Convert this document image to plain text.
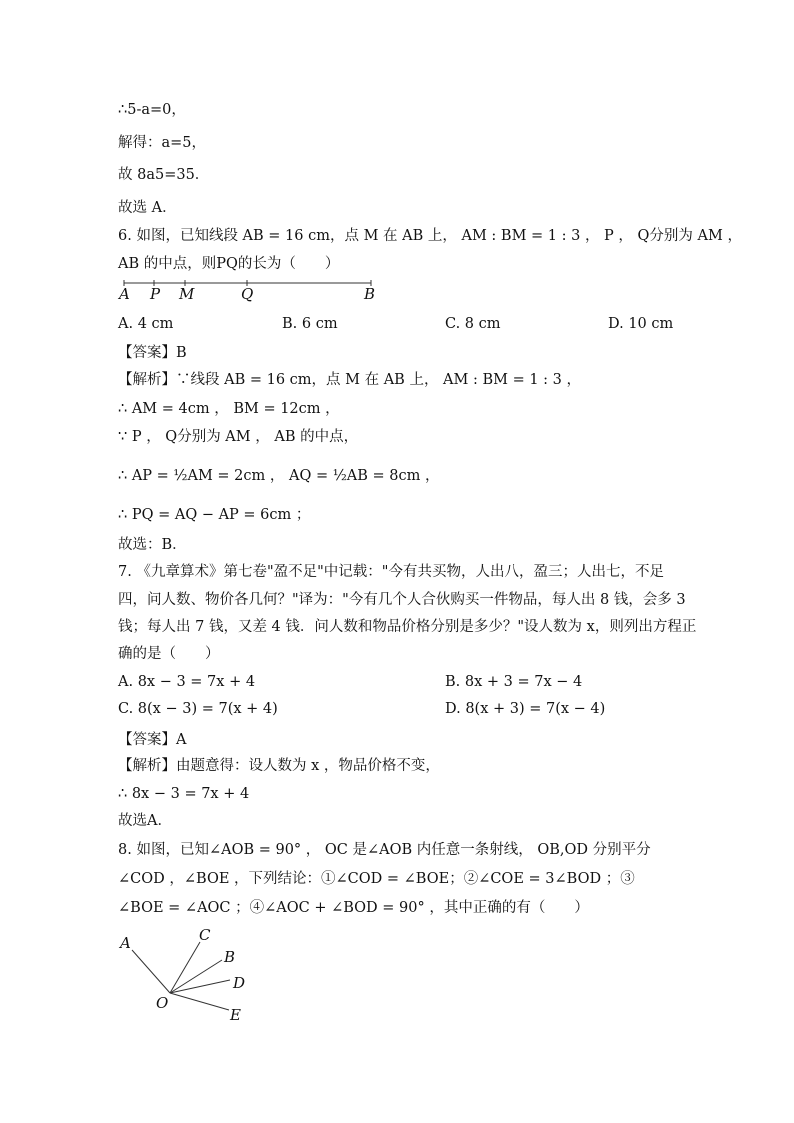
∴5-a=0，
解得：a=5，
故 8a5=35．
故选 A．
6. 如图，已知线段 AB = 16 cm，点 M 在 AB 上， AM : BM = 1 : 3 ， P ， Q分别为 AM ，
AB 的中点，则PQ的长为（　　）
【答案】B
【解析】∵线段 AB = 16 cm，点 M 在 AB 上， AM : BM = 1 : 3 ，
∴ AM = 4cm ， BM = 12cm ，
∵ P ， Q分别为 AM ， AB 的中点，
∴ AP = ½AM = 2cm ， AQ = ½AB = 8cm ，
∴ PQ = AQ − AP = 6cm ；
故选：B．
7. 《九章算术》第七卷"盈不足"中记载："今有共买物，人出八，盈三；人出七，不足
四，问人数、物价各几何？"译为："今有几个人合伙购买一件物品，每人出 8 钱，会多 3
钱；每人出 7 钱，又差 4 钱．问人数和物品价格分别是多少？"设人数为 x，则列出方程正
确的是（　　）
【答案】A
【解析】由题意得：设人数为 x ，物品价格不变，
∴ 8x − 3 = 7x + 4
故选A．
8. 如图，已知∠AOB = 90° ， OC 是∠AOB 内任意一条射线， OB,OD 分别平分
∠COD ，∠BOE ，下列结论：①∠COD = ∠BOE；②∠COE = 3∠BOD ；③
∠BOE = ∠AOC ；④∠AOC + ∠BOD = 90° ，其中正确的有（　　）
A. 4 cm	B. 6 cm	C. 8 cm	D. 10 cm
A. 8x − 3 = 7x + 4	B. 8x + 3 = 7x − 4
C. 8(x − 3) = 7(x + 4)	D. 8(x + 3) = 7(x − 4)
A P M	Q	B
A	C
B
D
E
O
